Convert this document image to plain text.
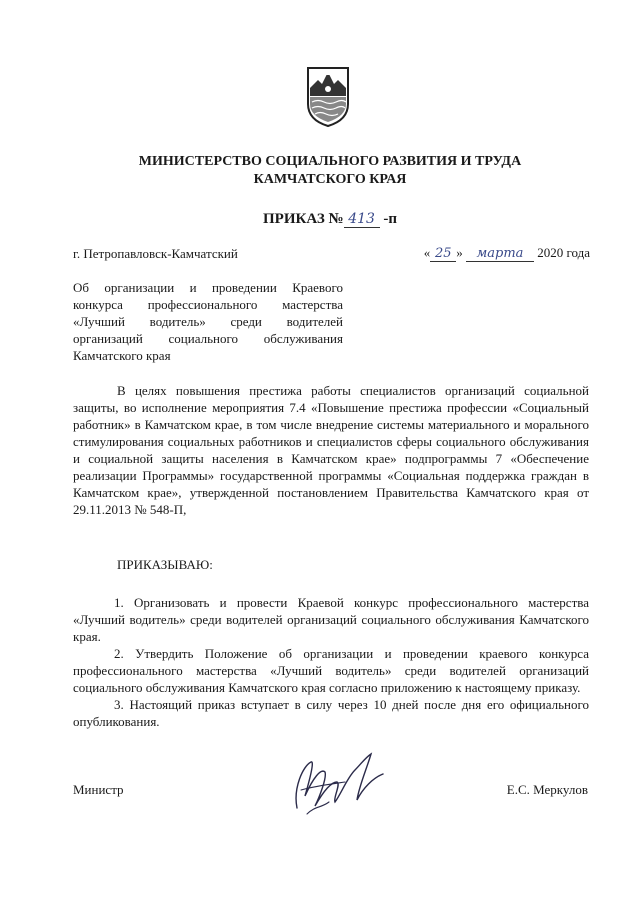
МИНИСТЕРСТВО СОЦИАЛЬНОГО РАЗВИТИЯ И ТРУДА
КАМЧАТСКОГО КРАЯ
ПРИКАЗ № 413 -п
г. Петропавловск-Камчатский	« 25 » марта 2020 года
Об организации и проведении Краевого конкурса профессионального мастерства «Лучший водитель» среди водителей организаций социального обслуживания Камчатского края

В целях повышения престижа работы специалистов организаций социальной защиты, во исполнение мероприятия 7.4 «Повышение престижа профессии «Социальный работник» в Камчатском крае, в том числе внедрение системы материального и морального стимулирования социальных работников и специалистов сферы социального обслуживания и социальной защиты населения в Камчатском крае» подпрограммы 7 «Обеспечение реализации Программы» государственной программы «Социальная поддержка граждан в Камчатском крае», утвержденной постановлением Правительства Камчатского края от 29.11.2013 № 548-П,

ПРИКАЗЫВАЮ:

1. Организовать и провести Краевой конкурс профессионального мастерства «Лучший водитель» среди водителей организаций социального обслуживания Камчатского края.

2. Утвердить Положение об организации и проведении краевого конкурса профессионального мастерства «Лучший водитель» среди водителей организаций социального обслуживания Камчатского края согласно приложению к настоящему приказу.

3. Настоящий приказ вступает в силу через 10 дней после дня его официального опубликования.

Министр	Е.С. Меркулов
